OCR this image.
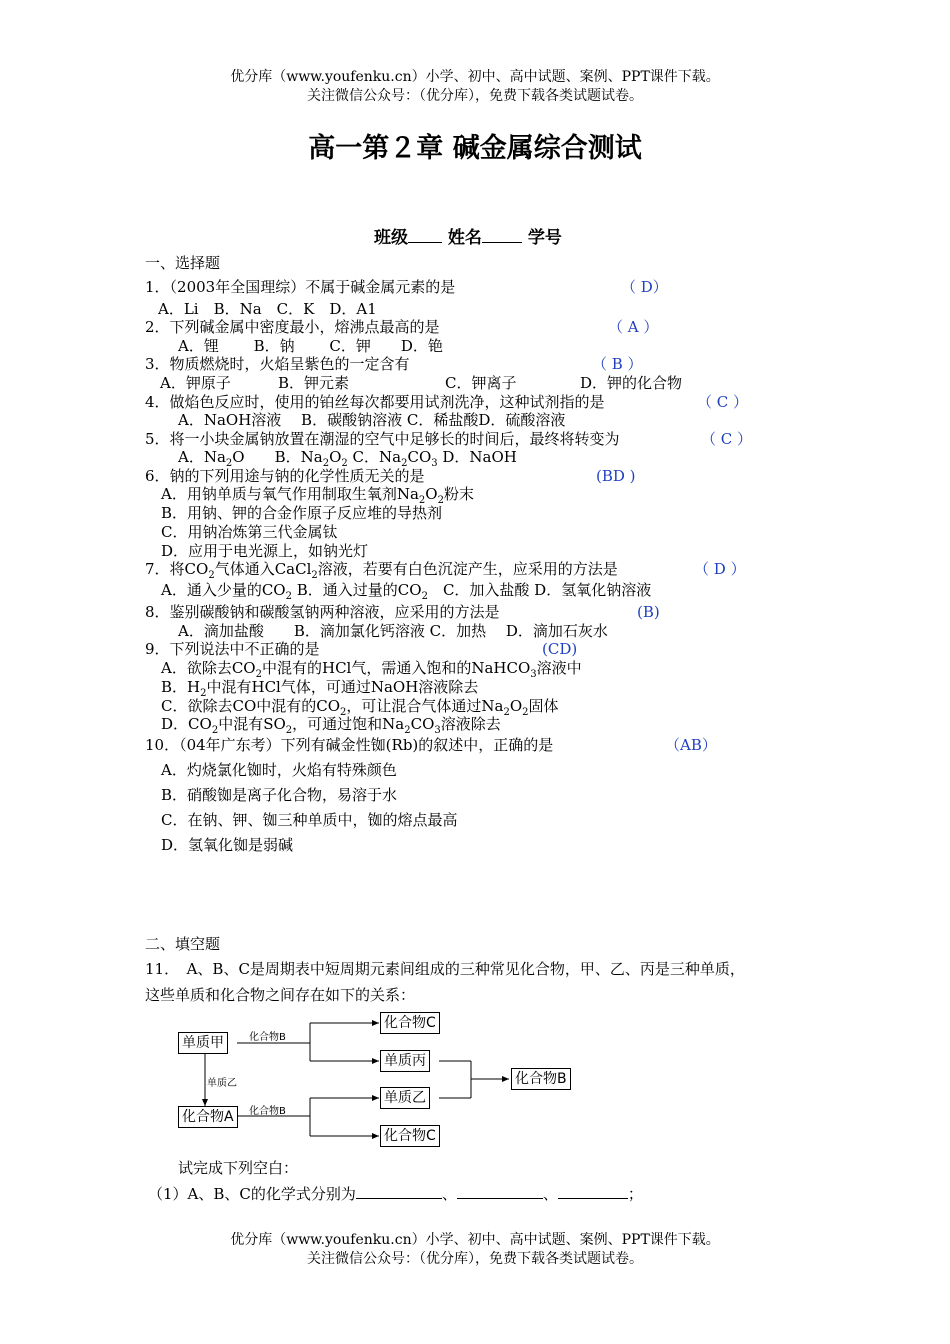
优分库（www.youfenku.cn）小学、初中、高中试题、案例、PPT课件下载。
关注微信公众号：（优分库），免费下载各类试题试卷。
高一第２章 碱金属综合测试
班级 姓名	学号
一、选择题
1．（2003年全国理综）不属于碱金属元素的是	（ D）
A．Li　B．Na　C．K　D．A1
2．下列碱金属中密度最小，熔沸点最高的是	（ A ）
A．锂　　 B．钠　　 C．钾　　D．铯
3．物质燃烧时，火焰呈紫色的一定含有	（ B ）
A．钾原子	B．钾元素	C．钾离子	D．钾的化合物
4．做焰色反应时，使用的铂丝每次都要用试剂洗净，这种试剂指的是	（ C ）
A．NaOH溶液　 B．碳酸钠溶液 C．稀盐酸D．硫酸溶液
5．将一小块金属钠放置在潮湿的空气中足够长的时间后，最终将转变为	（ C ）
A．$Na_2O$　　 B．$Na_2O_2$ C．$Na_2CO_3$ D．NaOH
6．钠的下列用途与钠的化学性质无关的是	(BD )
A．用钠单质与氧气作用制取生氧剂$Na_2O_2$粉末
B．用钠、钾的合金作原子反应堆的导热剂
C．用钠冶炼第三代金属钛
D．应用于电光源上，如钠光灯
7．将$CO_2$气体通入CaCl$_2$溶液，若要有白色沉淀产生，应采用的方法是	（ D ）
A．通入少量的$CO_2$ B．通入过量的$CO_2$　C．加入盐酸 D．氢氧化钠溶液
8．鉴别碳酸钠和碳酸氢钠两种溶液，应采用的方法是	(B)
A．滴加盐酸　　B．滴加氯化钙溶液 C．加热　 D．滴加石灰水
9．下列说法中不正确的是	(CD)
A．欲除去$CO_2$中混有的HCl气，需通入饱和的NaHCO$_3$溶液中
B．$H_2$中混有HCl气体，可通过NaOH溶液除去
C．欲除去CO中混有的$CO_2$，可让混合气体通过$Na_2O_2$固体
D．$CO_2$中混有$SO_2$，可通过饱和$Na_2CO_3$溶液除去
10．（04年广东考）下列有碱金性铷(Rb)的叙述中，正确的是	（AB）
A．灼烧氯化铷时，火焰有特殊颜色
B．硝酸铷是离子化合物，易溶于水
C．在钠、钾、铷三种单质中，铷的熔点最高
D．氢氧化铷是弱碱
二、填空题
11．　A、B、C是周期表中短周期元素间组成的三种常见化合物，甲、乙、丙是三种单质，
这些单质和化合物之间存在如下的关系：
单质甲
化合物A
化合物C
单质丙
单质乙
化合物C
化合物B
化合物B
化合物B
单质乙
试完成下列空白：
（1）A、B、C的化学式分别为	、	、	；
优分库（www.youfenku.cn）小学、初中、高中试题、案例、PPT课件下载。
关注微信公众号：（优分库），免费下载各类试题试卷。
